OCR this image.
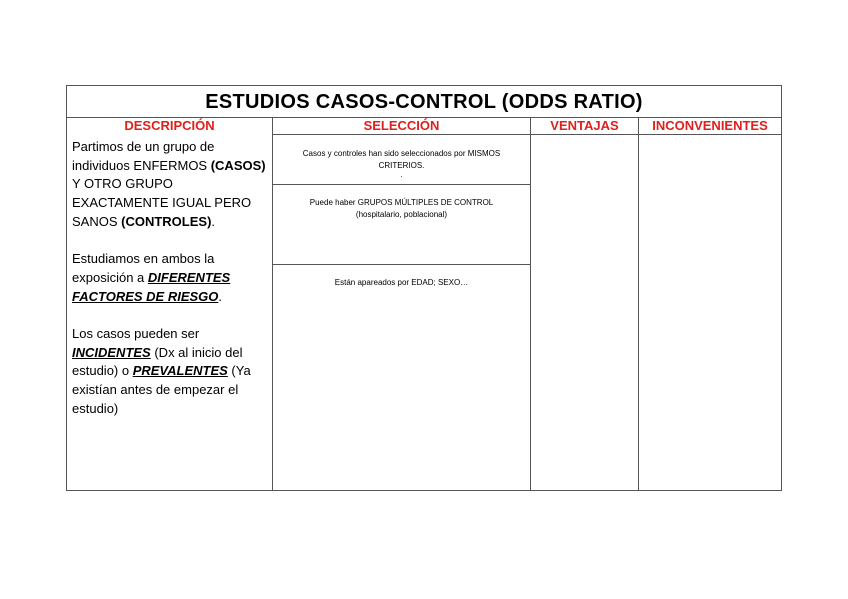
ESTUDIOS CASOS-CONTROL (ODDS RATIO)
DESCRIPCIÓN

Partimos de un grupo de individuos ENFERMOS (CASOS) Y OTRO GRUPO EXACTAMENTE IGUAL PERO SANOS (CONTROLES).

Estudiamos en ambos la exposición a DIFERENTES FACTORES DE RIESGO.

Los casos pueden ser INCIDENTES (Dx al inicio del estudio) o PREVALENTES (Ya existían antes de empezar el estudio)

SELECCIÓN
Casos y controles han sido seleccionados por MISMOS CRITERIOS.
.
Puede haber GRUPOS MÚLTIPLES DE CONTROL (hospitalario, poblacional)
Están apareados por EDAD; SEXO…
VENTAJAS	INCONVENIENTES
